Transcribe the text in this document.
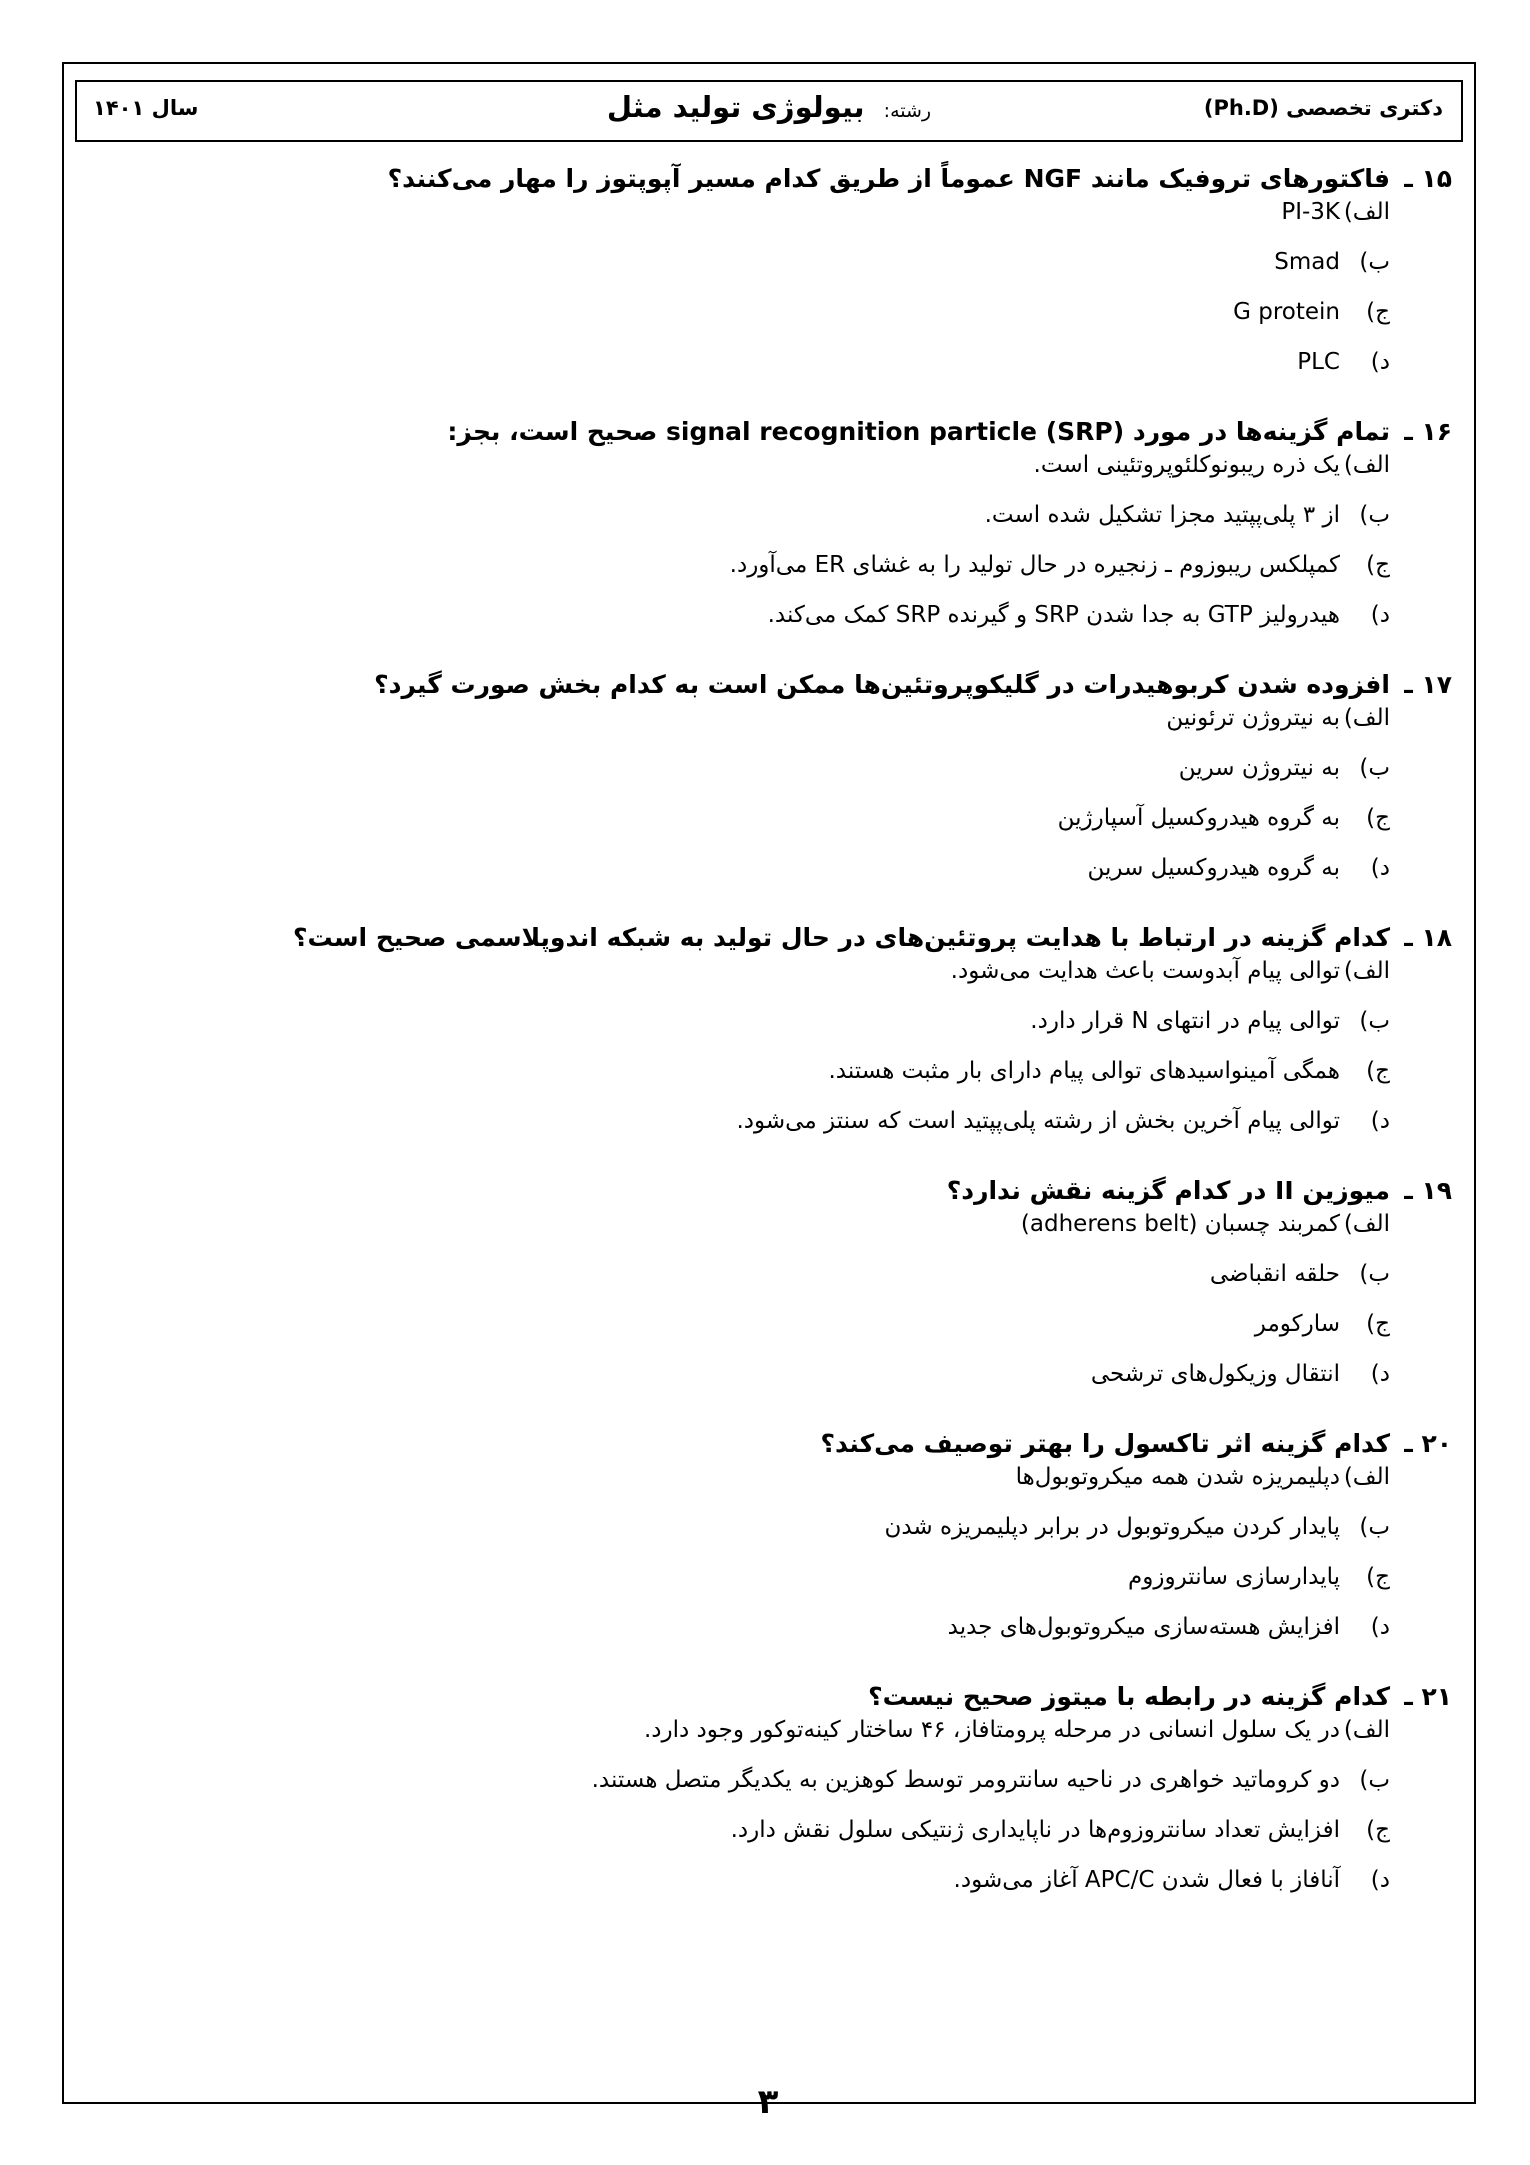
سال ۱۴۰۱	رشته: بیولوژی تولید مثل	دکتری تخصصی (Ph.D)
۱۵ ـ
فاکتورهای تروفیک مانند NGF عموماً از طریق کدام مسیر آپوپتوز را مهار می‌کنند؟
الف)
PI-3K
ب)
Smad
ج)
G protein
د)
PLC
۱۶ ـ
تمام گزینه‌ها در مورد (SRP) signal recognition particle صحیح است، بجز:
الف)
یک ذره ریبونوکلئوپروتئینی است.
ب)
از ۳ پلی‌پپتید مجزا تشکیل شده است.
ج)
کمپلکس ریبوزوم ـ زنجیره در حال تولید را به غشای ER می‌آورد.
د)
هیدرولیز GTP به جدا شدن SRP و گیرنده SRP کمک می‌کند.
۱۷ ـ
افزوده شدن کربوهیدرات در گلیکوپروتئین‌ها ممکن است به کدام بخش صورت گیرد؟
الف)
به نیتروژن ترئونین
ب)
به نیتروژن سرین
ج)
به گروه هیدروکسیل آسپارژین
د)
به گروه هیدروکسیل سرین
۱۸ ـ
کدام گزینه در ارتباط با هدایت پروتئین‌های در حال تولید به شبکه اندوپلاسمی صحیح است؟
الف)
توالی پیام آبدوست باعث هدایت می‌شود.
ب)
توالی پیام در انتهای N قرار دارد.
ج)
همگی آمینواسیدهای توالی پیام دارای بار مثبت هستند.
د)
توالی پیام آخرین بخش از رشته پلی‌پپتید است که سنتز می‌شود.
۱۹ ـ
میوزین II در کدام گزینه نقش ندارد؟
الف)
کمربند چسبان (adherens belt)
ب)
حلقه انقباضی
ج)
سارکومر
د)
انتقال وزیکول‌های ترشحی
۲۰ ـ
کدام گزینه اثر تاکسول را بهتر توصیف می‌کند؟
الف)
دپلیمریزه شدن همه میکروتوبول‌ها
ب)
پایدار کردن میکروتوبول در برابر دپلیمریزه شدن
ج)
پایدارسازی سانتروزوم
د)
افزایش هسته‌سازی میکروتوبول‌های جدید
۲۱ ـ
کدام گزینه در رابطه با میتوز صحیح نیست؟
الف)
در یک سلول انسانی در مرحله پرومتافاز، ۴۶ ساختار کینه‌توکور وجود دارد.
ب)
دو کروماتید خواهری در ناحیه سانترومر توسط کوهزین به یکدیگر متصل هستند.
ج)
افزایش تعداد سانتروزوم‌ها در ناپایداری ژنتیکی سلول نقش دارد.
د)
آنافاز با فعال شدن APC/C آغاز می‌شود.
۳
